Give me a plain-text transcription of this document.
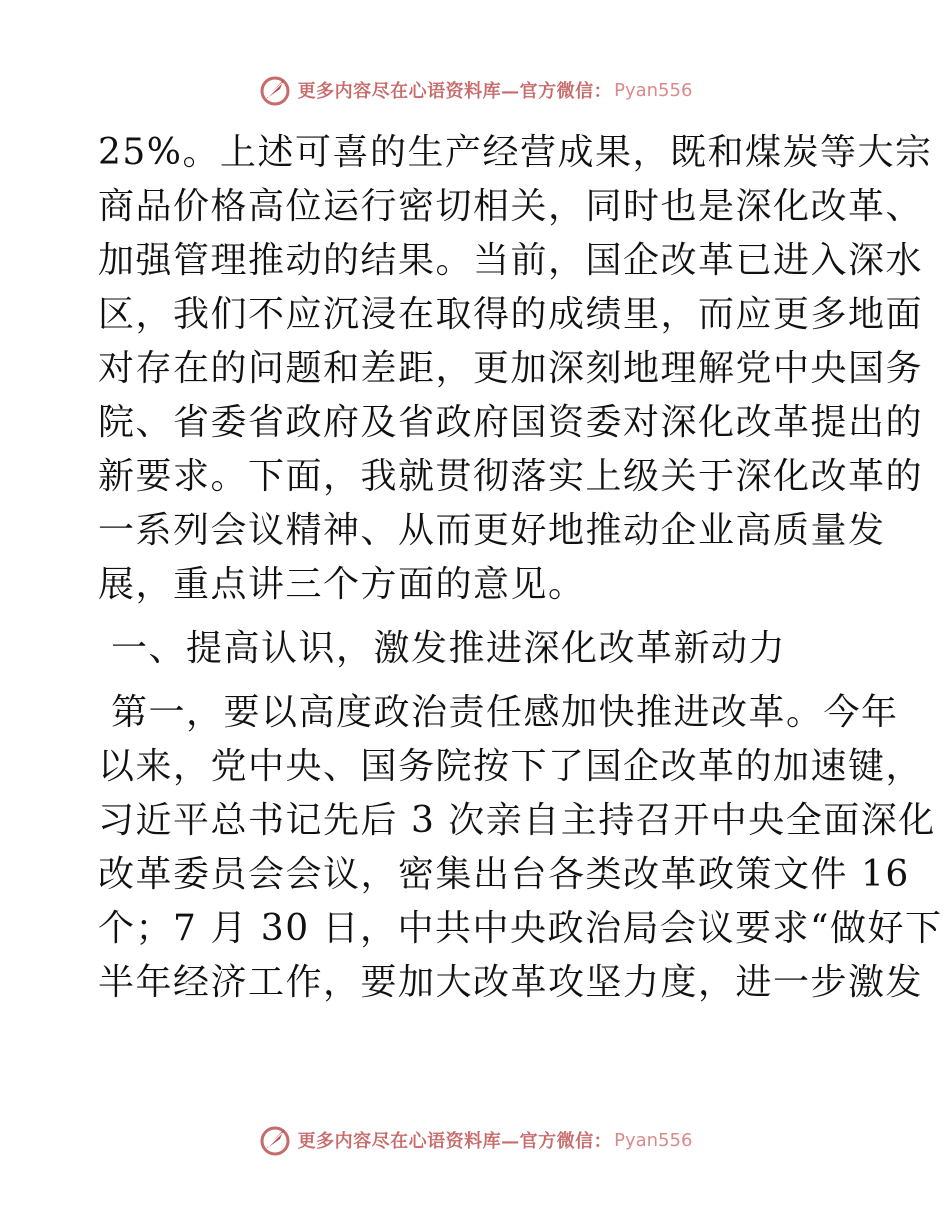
更多内容尽在心语资料库—官方微信： Pyan556
25%。上述可喜的生产经营成果，既和煤炭等大宗
商品价格高位运行密切相关，同时也是深化改革、
加强管理推动的结果。当前，国企改革已进入深水
区，我们不应沉浸在取得的成绩里，而应更多地面
对存在的问题和差距，更加深刻地理解党中央国务
院、省委省政府及省政府国资委对深化改革提出的
新要求。下面，我就贯彻落实上级关于深化改革的
一系列会议精神、从而更好地推动企业高质量发
展，重点讲三个方面的意见。
一、提高认识，激发推进深化改革新动力
第一，要以高度政治责任感加快推进改革。今年
以来，党中央、国务院按下了国企改革的加速键，
习近平总书记先后 3 次亲自主持召开中央全面深化
改革委员会会议，密集出台各类改革政策文件 16
个；7 月 30 日，中共中央政治局会议要求“做好下
半年经济工作，要加大改革攻坚力度，进一步激发
更多内容尽在心语资料库—官方微信： Pyan556
